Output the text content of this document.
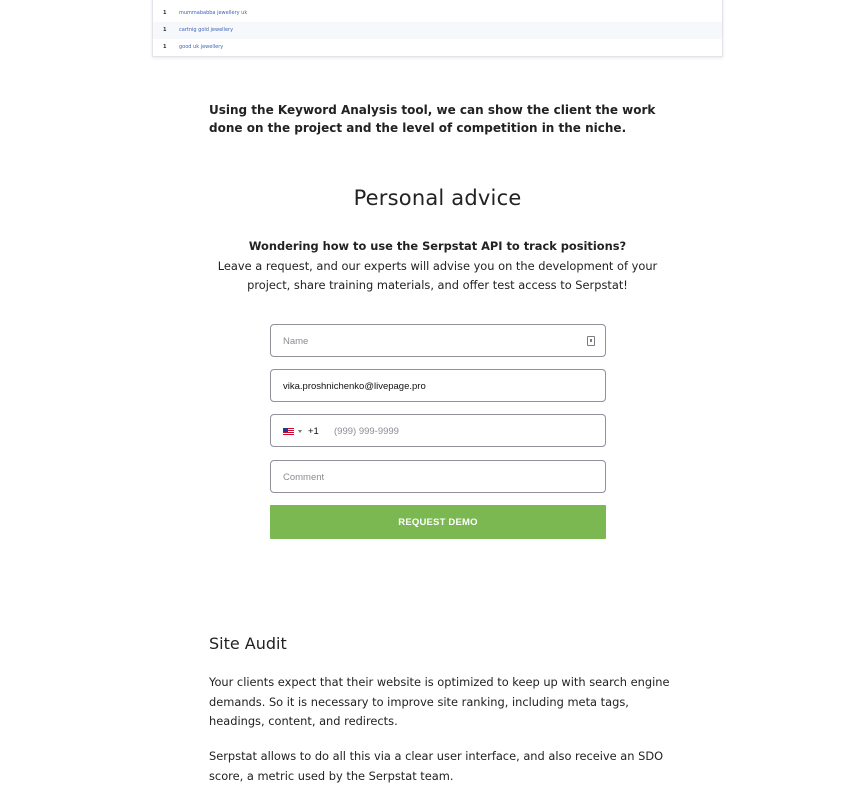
1	mummababba jewellery uk
1	cartnig gold jewellery
1	good uk jewellery

Using the Keyword Analysis tool, we can show the client the work done on the project and the level of competition in the niche.

Personal advice
Wondering how to use the Serpstat API to track positions?
Leave a request, and our experts will advise you on the development of your project, share training materials, and offer test access to Serpstat!
Name
vika.proshnichenko@livepage.pro
+1 (999) 999-9999
Comment
REQUEST DEMO
Site Audit

Your clients expect that their website is optimized to keep up with search engine demands. So it is necessary to improve site ranking, including meta tags, headings, content, and redirects.

Serpstat allows to do all this via a clear user interface, and also receive an SDO score, a metric used by the Serpstat team.
